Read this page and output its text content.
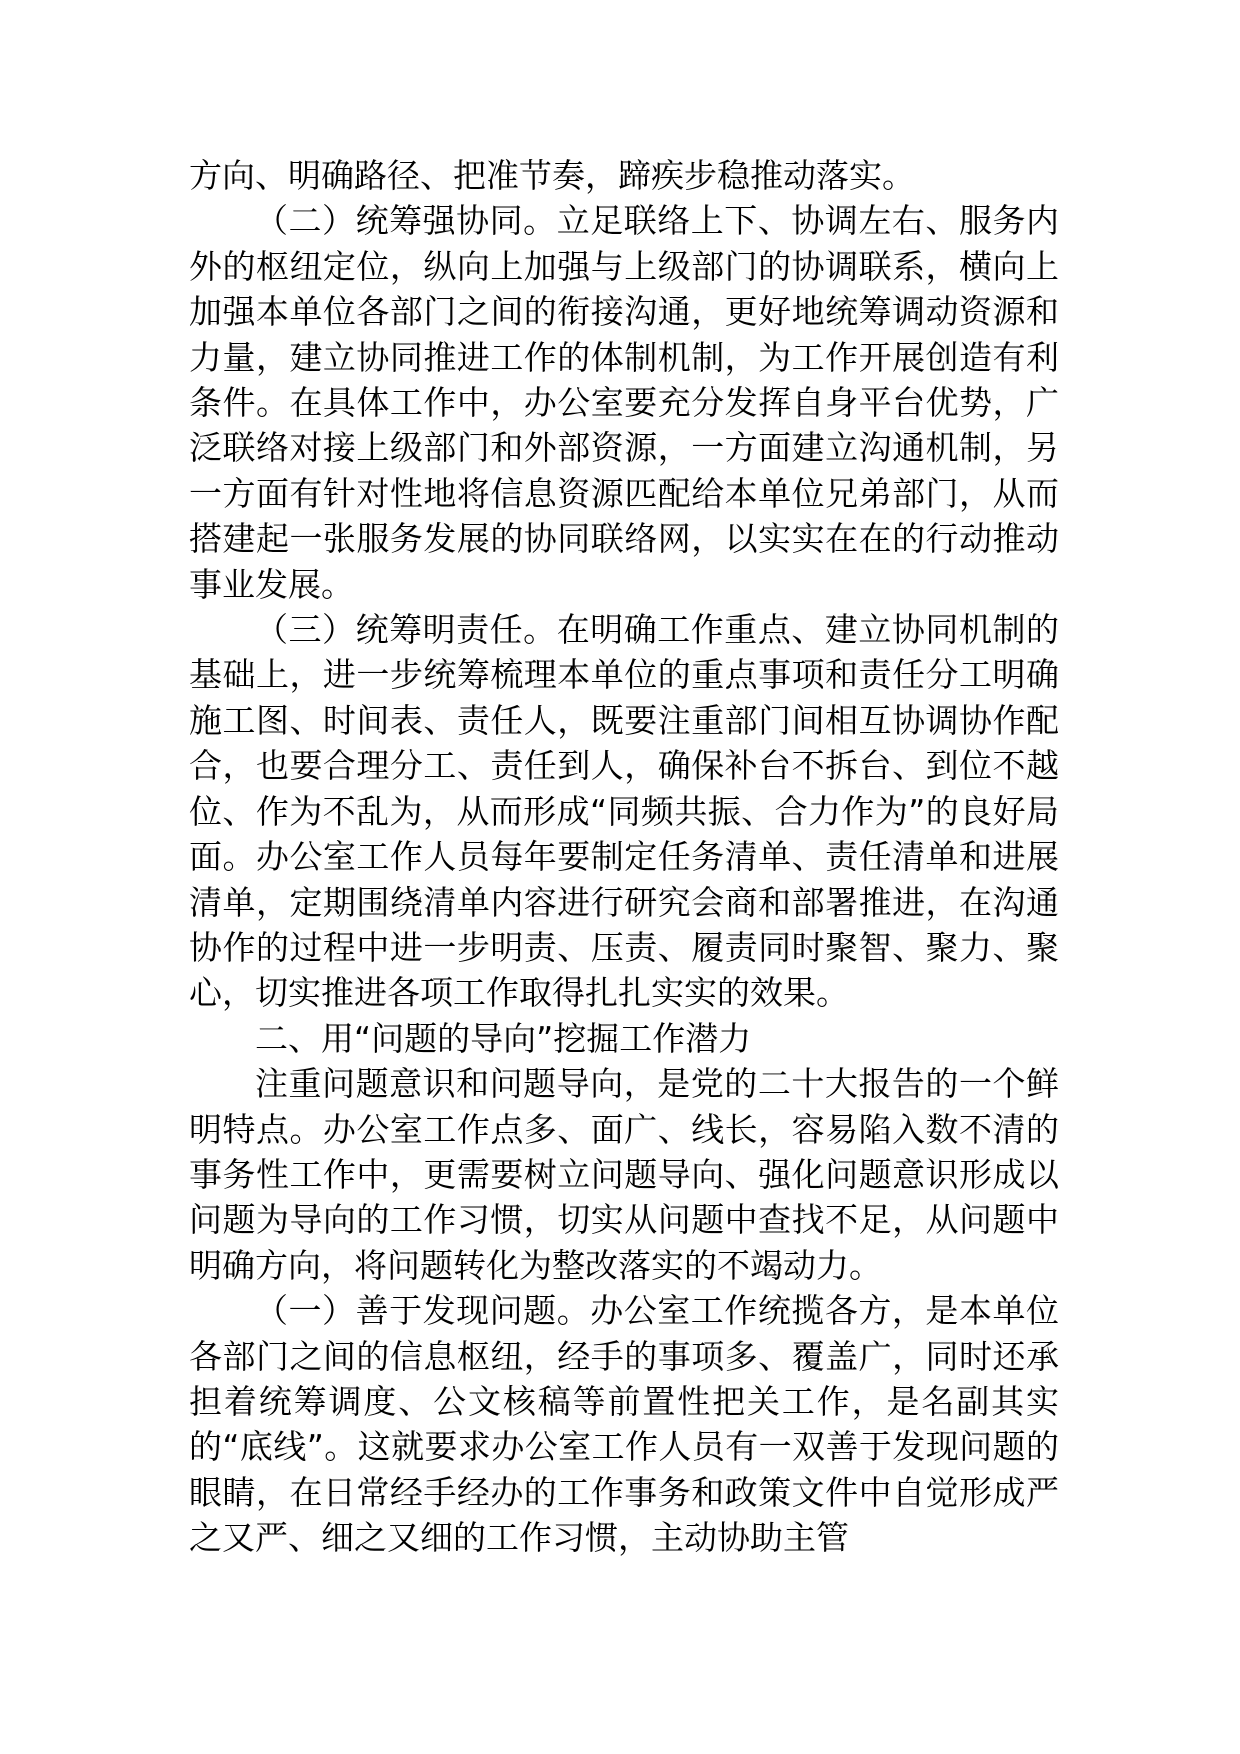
方向、明确路径、把准节奏，蹄疾步稳推动落实。

（二）统筹强协同。立足联络上下、协调左右、服务内外的枢纽定位，纵向上加强与上级部门的协调联系，横向上加强本单位各部门之间的衔接沟通，更好地统筹调动资源和力量，建立协同推进工作的体制机制，为工作开展创造有利条件。在具体工作中，办公室要充分发挥自身平台优势，广泛联络对接上级部门和外部资源，一方面建立沟通机制，另一方面有针对性地将信息资源匹配给本单位兄弟部门，从而搭建起一张服务发展的协同联络网，以实实在在的行动推动事业发展。

（三）统筹明责任。在明确工作重点、建立协同机制的基础上，进一步统筹梳理本单位的重点事项和责任分工明确施工图、时间表、责任人，既要注重部门间相互协调协作配合，也要合理分工、责任到人，确保补台不拆台、到位不越位、作为不乱为，从而形成“同频共振、合力作为”的良好局面。办公室工作人员每年要制定任务清单、责任清单和进展清单，定期围绕清单内容进行研究会商和部署推进，在沟通协作的过程中进一步明责、压责、履责同时聚智、聚力、聚心，切实推进各项工作取得扎扎实实的效果。

二、用“问题的导向”挖掘工作潜力

注重问题意识和问题导向，是党的二十大报告的一个鲜明特点。办公室工作点多、面广、线长，容易陷入数不清的事务性工作中，更需要树立问题导向、强化问题意识形成以问题为导向的工作习惯，切实从问题中查找不足，从问题中明确方向，将问题转化为整改落实的不竭动力。

（一）善于发现问题。办公室工作统揽各方，是本单位各部门之间的信息枢纽，经手的事项多、覆盖广，同时还承担着统筹调度、公文核稿等前置性把关工作，是名副其实的“底线”。这就要求办公室工作人员有一双善于发现问题的眼睛，在日常经手经办的工作事务和政策文件中自觉形成严之又严、细之又细的工作习惯，主动协助主管
